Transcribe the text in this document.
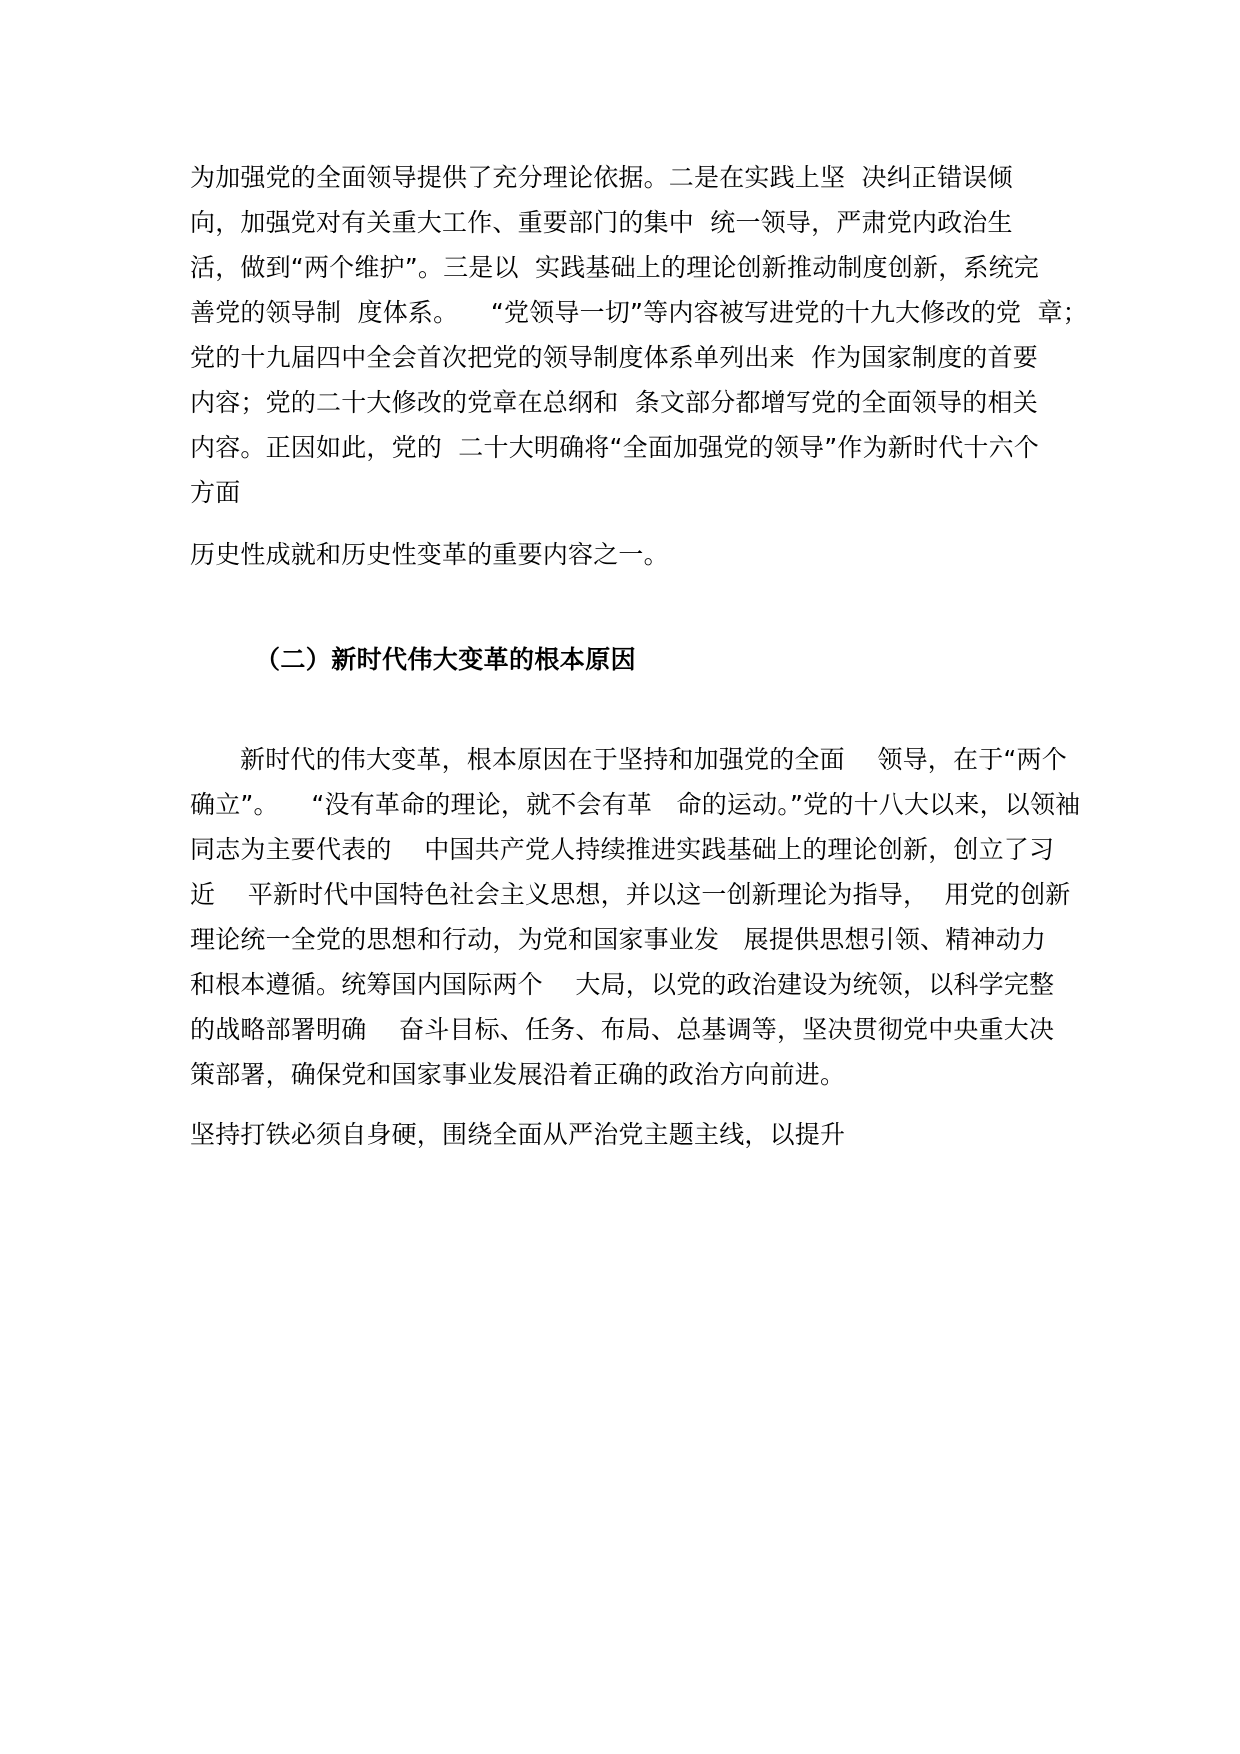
为加强党的全面领导提供了充分理论依据。二是在实践上坚  决纠正错误倾
向，加强党对有关重大工作、重要部门的集中  统一领导，严肃党内政治生
活，做到“两个维护”。三是以  实践基础上的理论创新推动制度创新，系统完
善党的领导制  度体系。    “党领导一切”等内容被写进党的十九大修改的党  章；
党的十九届四中全会首次把党的领导制度体系单列出来  作为国家制度的首要
内容；党的二十大修改的党章在总纲和  条文部分都增写党的全面领导的相关
内容。正因如此，党的  二十大明确将“全面加强党的领导”作为新时代十六个
方面
历史性成就和历史性变革的重要内容之一。
（二）新时代伟大变革的根本原因
新时代的伟大变革，根本原因在于坚持和加强党的全面    领导，在于“两个
确立”。    “没有革命的理论，就不会有革   命的运动。”党的十八大以来，以领袖
同志为主要代表的    中国共产党人持续推进实践基础上的理论创新，创立了习
近    平新时代中国特色社会主义思想，并以这一创新理论为指导，  用党的创新
理论统一全党的思想和行动，为党和国家事业发   展提供思想引领、精神动力
和根本遵循。统筹国内国际两个    大局，以党的政治建设为统领，以科学完整
的战略部署明确    奋斗目标、任务、布局、总基调等，坚决贯彻党中央重大决
策部署，确保党和国家事业发展沿着正确的政治方向前进。
坚持打铁必须自身硬，围绕全面从严治党主题主线，以提升
